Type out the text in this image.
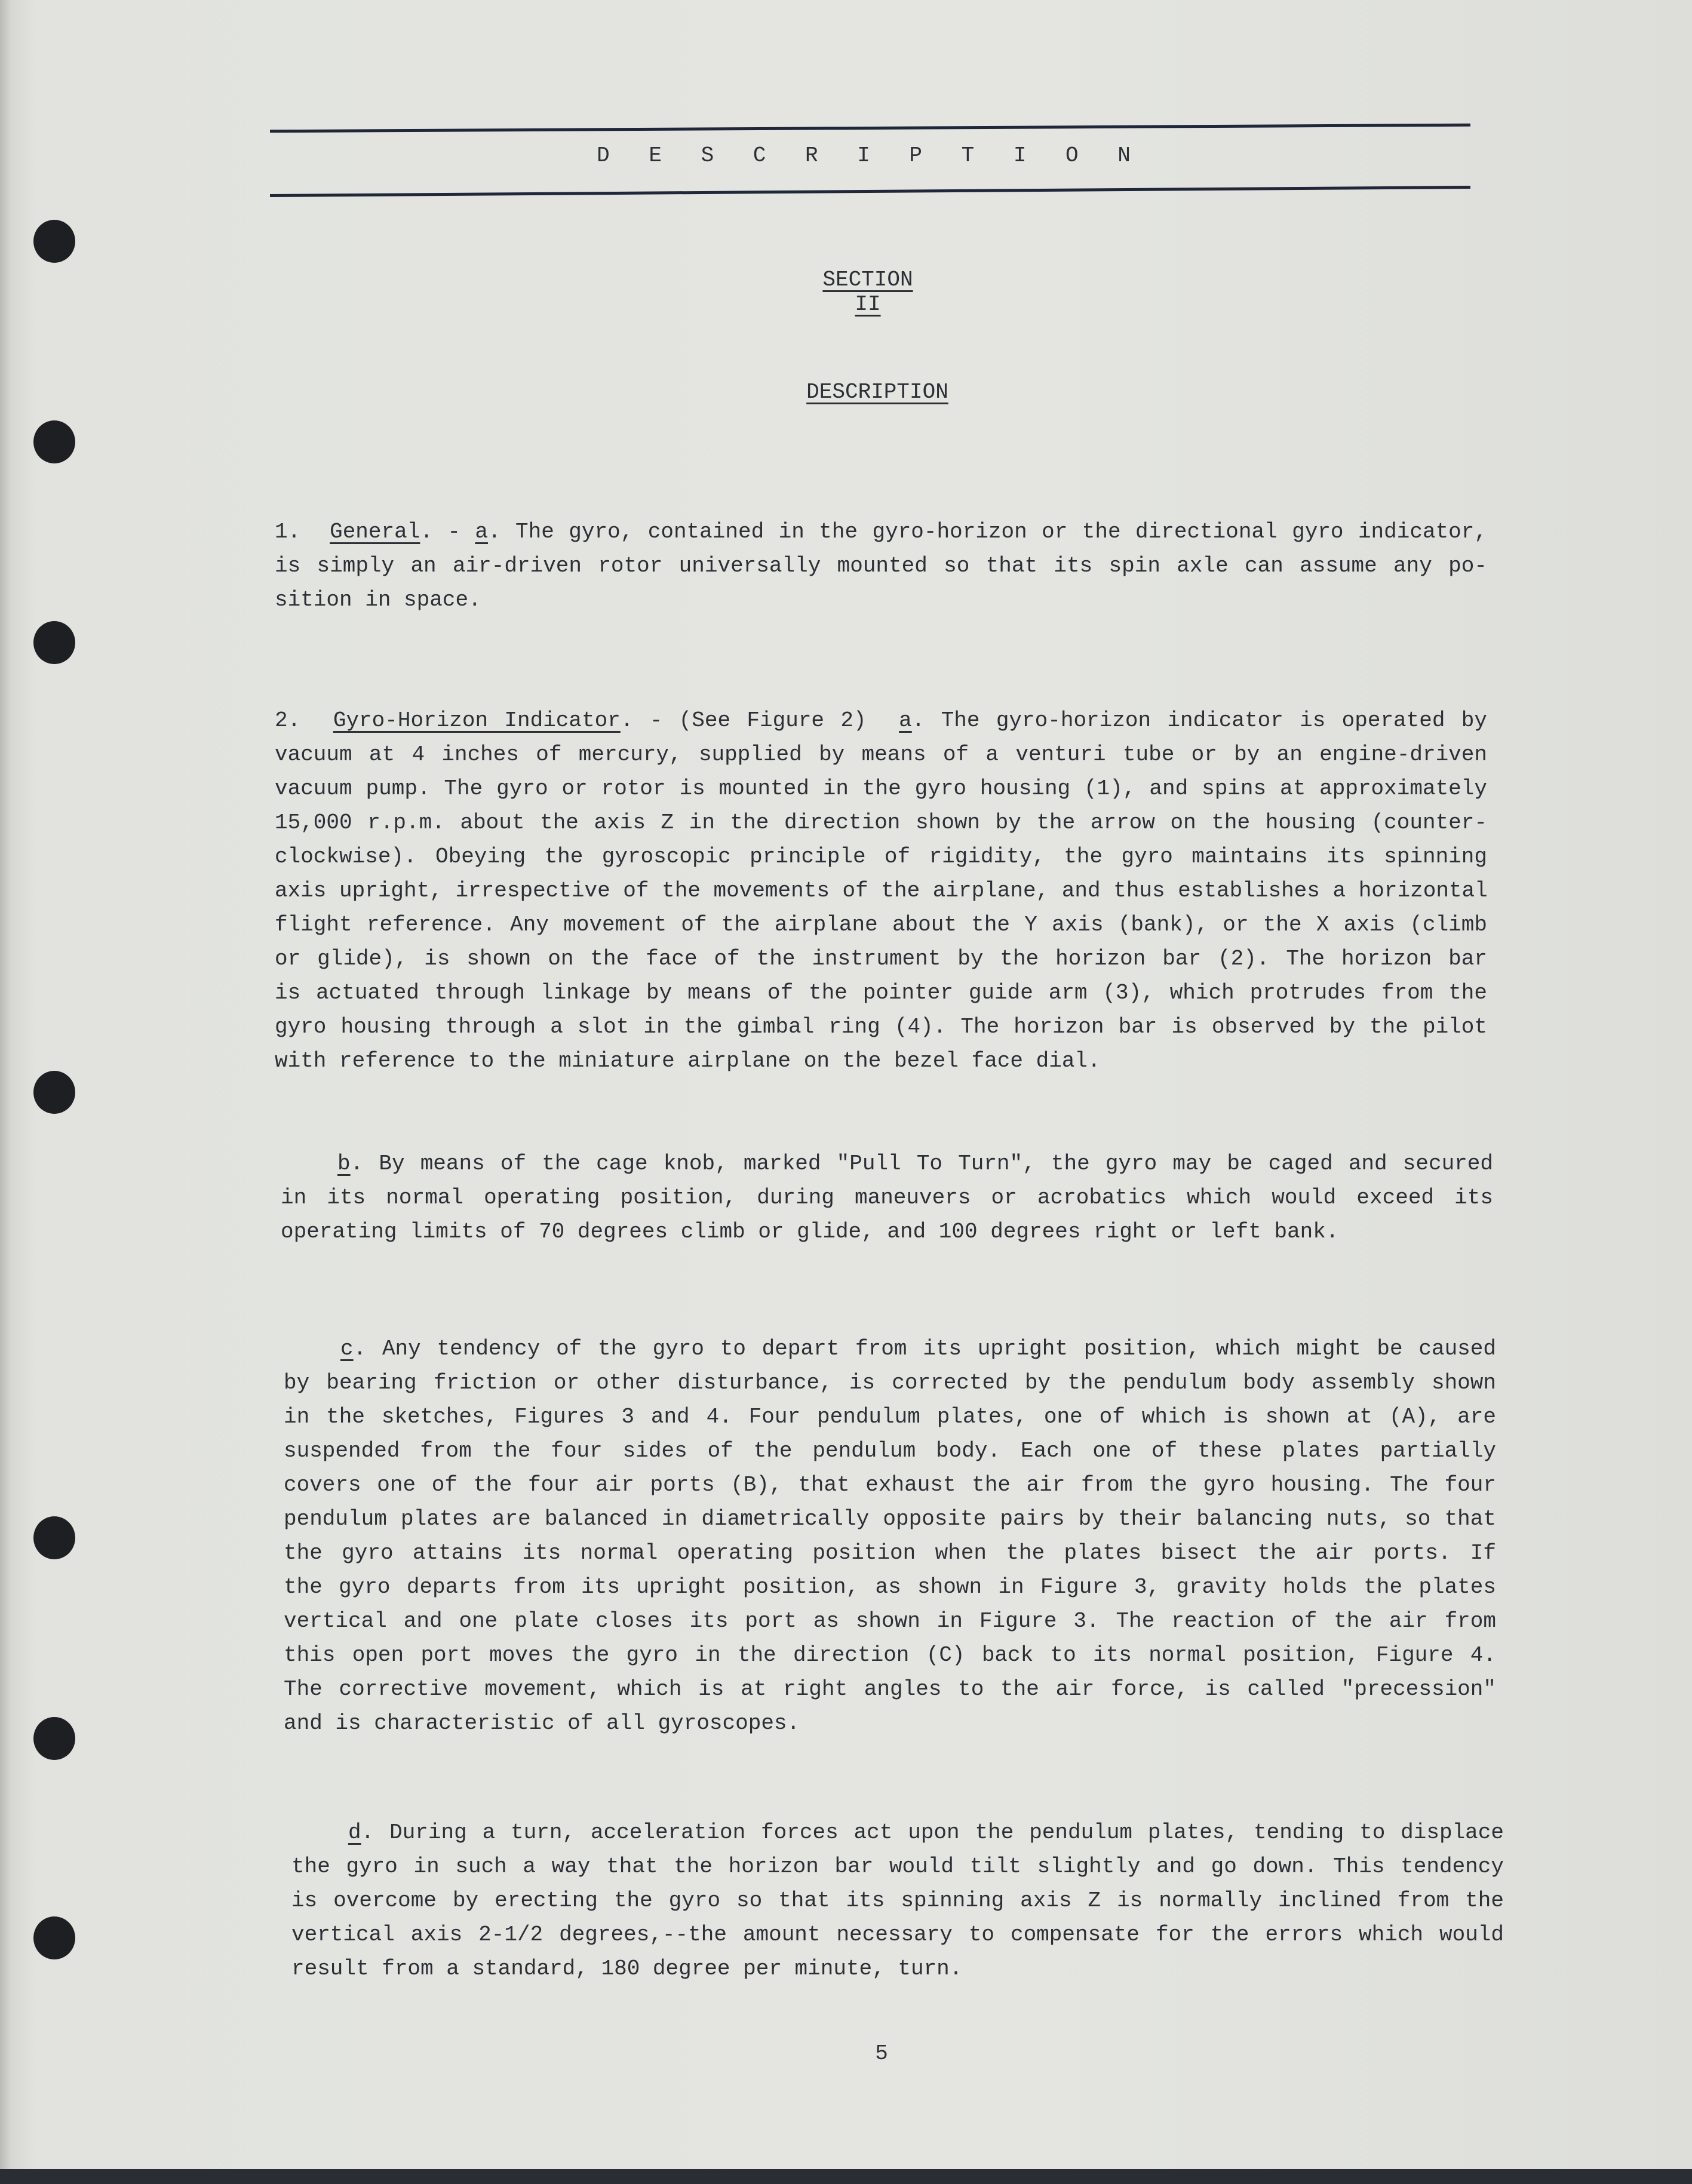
D E S C R I P T I O N
SECTION II
DESCRIPTION
1. General. - a. The gyro, contained in the gyro-horizon or the directional gyro indicator,
is simply an air-driven rotor universally mounted so that its spin axle can assume any po-
sition in space.
2. Gyro-Horizon Indicator. - (See Figure 2) a. The gyro-horizon indicator is operated by
vacuum at 4 inches of mercury, supplied by means of a venturi tube or by an engine-driven
vacuum pump. The gyro or rotor is mounted in the gyro housing (1), and spins at approximately
15,000 r.p.m. about the axis Z in the direction shown by the arrow on the housing (counter-
clockwise). Obeying the gyroscopic principle of rigidity, the gyro maintains its spinning
axis upright, irrespective of the movements of the airplane, and thus establishes a horizontal
flight reference. Any movement of the airplane about the Y axis (bank), or the X axis (climb
or glide), is shown on the face of the instrument by the horizon bar (2). The horizon bar
is actuated through linkage by means of the pointer guide arm (3), which protrudes from the
gyro housing through a slot in the gimbal ring (4). The horizon bar is observed by the pilot
with reference to the miniature airplane on the bezel face dial.
b. By means of the cage knob, marked "Pull To Turn", the gyro may be caged and secured
in its normal operating position, during maneuvers or acrobatics which would exceed its
operating limits of 70 degrees climb or glide, and 100 degrees right or left bank.
c. Any tendency of the gyro to depart from its upright position, which might be caused
by bearing friction or other disturbance, is corrected by the pendulum body assembly shown
in the sketches, Figures 3 and 4. Four pendulum plates, one of which is shown at (A), are
suspended from the four sides of the pendulum body. Each one of these plates partially
covers one of the four air ports (B), that exhaust the air from the gyro housing. The four
pendulum plates are balanced in diametrically opposite pairs by their balancing nuts, so that
the gyro attains its normal operating position when the plates bisect the air ports. If
the gyro departs from its upright position, as shown in Figure 3, gravity holds the plates
vertical and one plate closes its port as shown in Figure 3. The reaction of the air from
this open port moves the gyro in the direction (C) back to its normal position, Figure 4.
The corrective movement, which is at right angles to the air force, is called "precession"
and is characteristic of all gyroscopes.
d. During a turn, acceleration forces act upon the pendulum plates, tending to displace
the gyro in such a way that the horizon bar would tilt slightly and go down. This tendency
is overcome by erecting the gyro so that its spinning axis Z is normally inclined from the
vertical axis 2-1/2 degrees,--the amount necessary to compensate for the errors which would
result from a standard, 180 degree per minute, turn.
5
